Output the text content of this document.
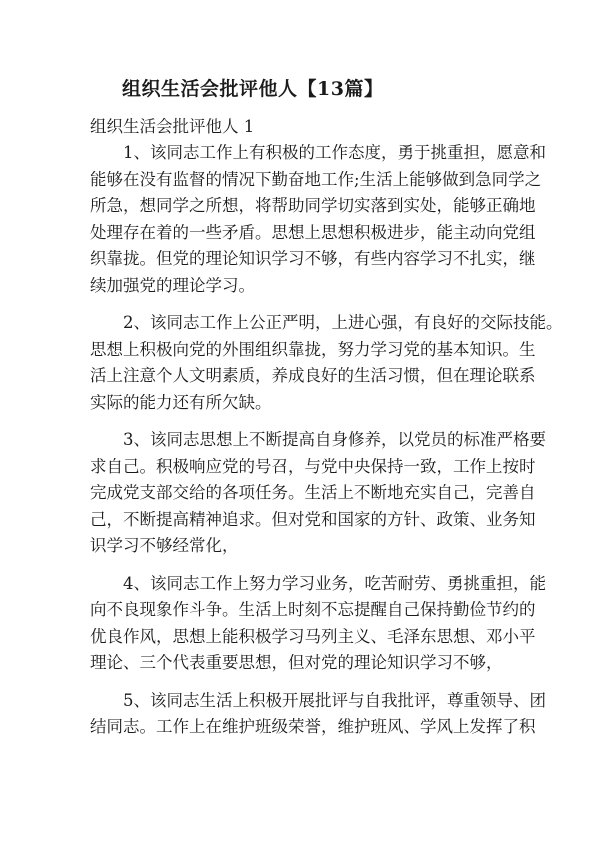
组织生活会批评他人【13篇】
组织生活会批评他人 1
1 、 该 同 志 工 作 上 有 积 极 的 工 作 态 度 ， 勇 于 挑 重 担 ， 愿 意 和
能 够 在 没 有 监 督 的 情 况 下 勤 奋 地 工 作 ; 生 活 上 能 够 做 到 急 同 学 之
所 急 ， 想 同 学 之 所 想 ， 将 帮 助 同 学 切 实 落 到 实 处 ， 能 够 正 确 地
处 理 存 在 着 的 一 些 矛 盾 。 思 想 上 思 想 积 极 进 步 ， 能 主 动 向 党 组
织 靠 拢 。 但 党 的 理 论 知 识 学 习 不 够 ， 有 些 内 容 学 习 不 扎 实 ， 继
续加强党的理论学习。
2 、 该 同 志 工 作 上 公 正 严 明 ， 上 进 心 强 ， 有 良 好 的 交 际 技 能 。
思 想 上 积 极 向 党 的 外 围 组 织 靠 拢 ， 努 力 学 习 党 的 基 本 知 识 。 生
活 上 注 意 个 人 文 明 素 质 ， 养 成 良 好 的 生 活 习 惯 ， 但 在 理 论 联 系
实际的能力还有所欠缺。
3 、 该 同 志 思 想 上 不 断 提 高 自 身 修 养 ， 以 党 员 的 标 准 严 格 要
求 自 己 。 积 极 响 应 党 的 号 召 ， 与 党 中 央 保 持 一 致 ， 工 作 上 按 时
完 成 党 支 部 交 给 的 各 项 任 务 。 生 活 上 不 断 地 充 实 自 己 ， 完 善 自
己 ， 不 断 提 高 精 神 追 求 。 但 对 党 和 国 家 的 方 针 、 政 策 、 业 务 知
识学习不够经常化，
4 、 该 同 志 工 作 上 努 力 学 习 业 务 ， 吃 苦 耐 劳 、 勇 挑 重 担 ， 能
向 不 良 现 象 作 斗 争 。 生 活 上 时 刻 不 忘 提 醒 自 己 保 持 勤 俭 节 约 的
优 良 作 风 ， 思 想 上 能 积 极 学 习 马 列 主 义 、 毛 泽 东 思 想 、 邓 小 平
理论、三个代表重要思想，但对党的理论知识学习不够，
5 、 该 同 志 生 活 上 积 极 开 展 批 评 与 自 我 批 评 ， 尊 重 领 导 、 团
结同志。工作上在维护班级荣誉，维护班风、学风上发挥了积
